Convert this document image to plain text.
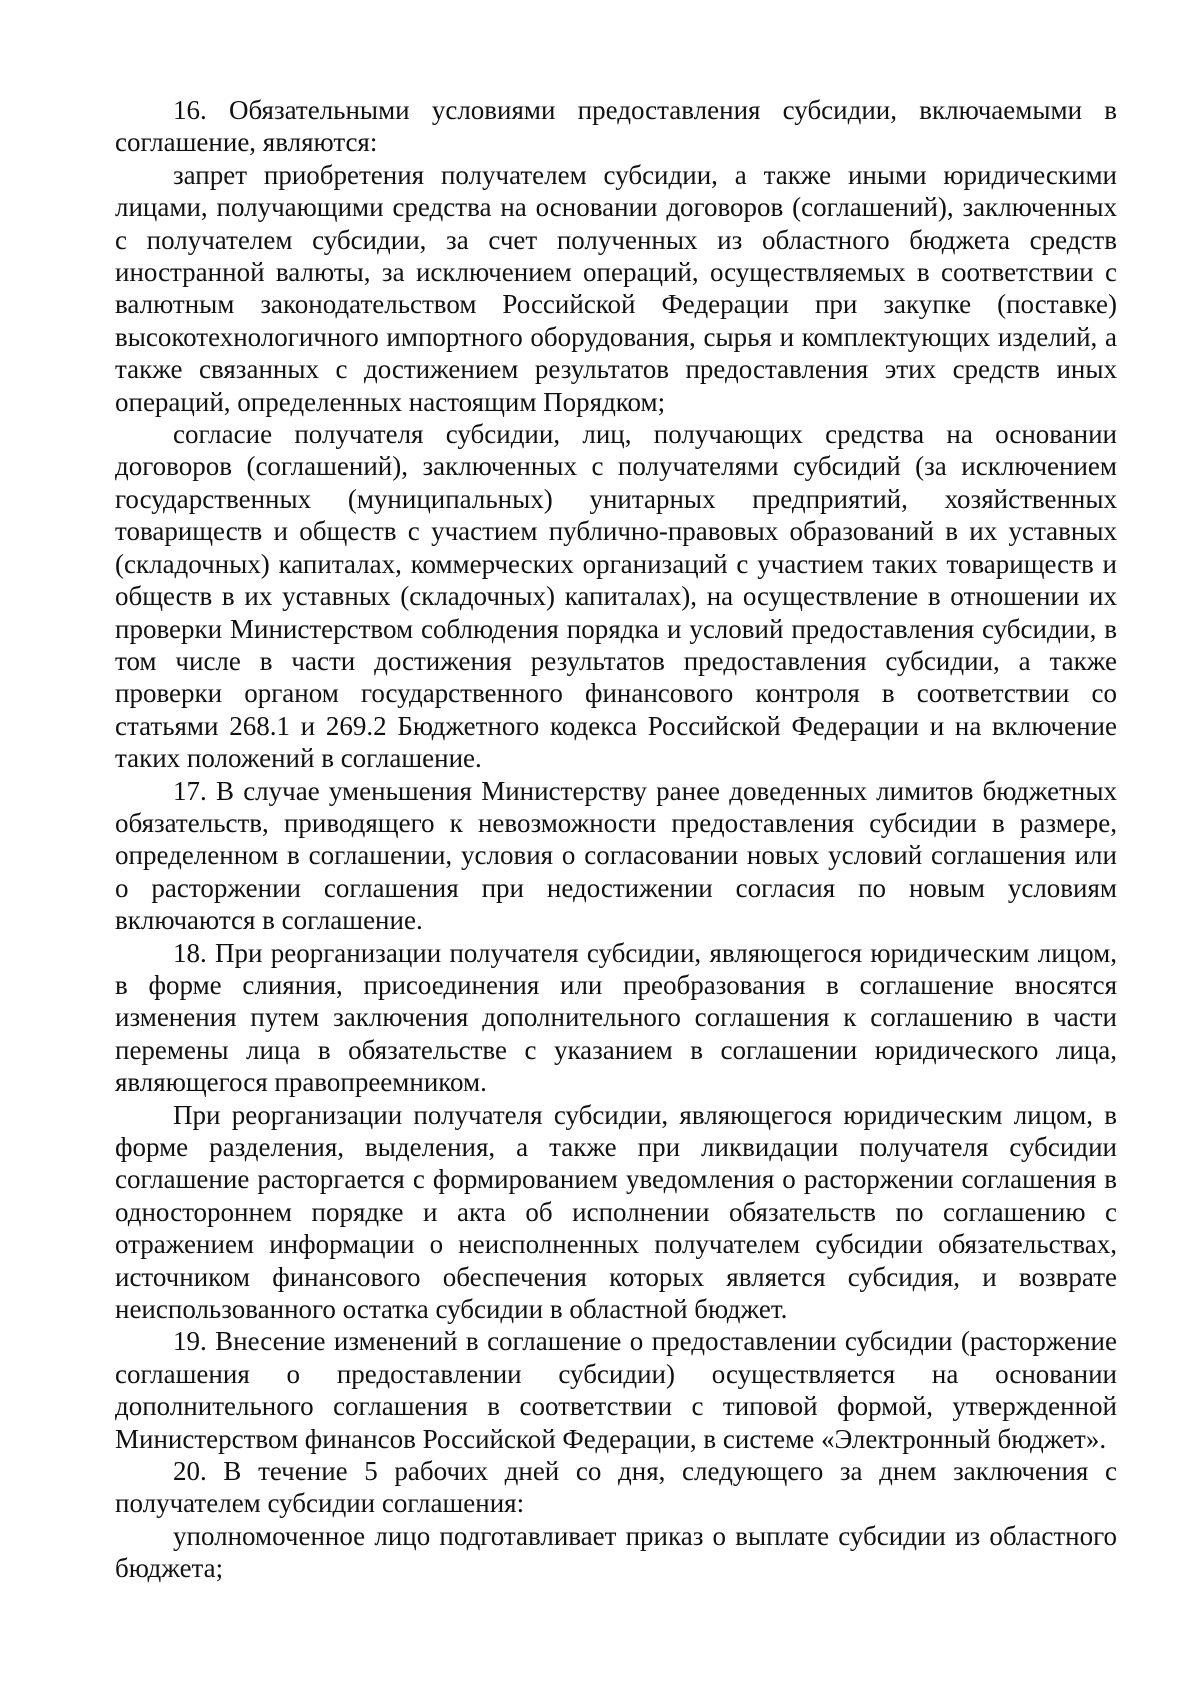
16. Обязательными условиями предоставления субсидии, включаемыми в соглашение, являются:

запрет приобретения получателем субсидии, а также иными юридическими лицами, получающими средства на основании договоров (соглашений), заключенных с получателем субсидии, за счет полученных из областного бюджета средств иностранной валюты, за исключением операций, осуществляемых в соответствии с валютным законодательством Российской Федерации при закупке (поставке) высокотехнологичного импортного оборудования, сырья и комплектующих изделий, а также связанных с достижением результатов предоставления этих средств иных операций, определенных настоящим Порядком;

согласие получателя субсидии, лиц, получающих средства на основании договоров (соглашений), заключенных с получателями субсидий (за исключением государственных (муниципальных) унитарных предприятий, хозяйственных товариществ и обществ с участием публично-правовых образований в их уставных (складочных) капиталах, коммерческих организаций с участием таких товариществ и обществ в их уставных (складочных) капиталах), на осуществление в отношении их проверки Министерством соблюдения порядка и условий предоставления субсидии, в том числе в части достижения результатов предоставления субсидии, а также проверки органом государственного финансового контроля в соответствии со статьями 268.1 и 269.2 Бюджетного кодекса Российской Федерации и на включение таких положений в соглашение.

17. В случае уменьшения Министерству ранее доведенных лимитов бюджетных обязательств, приводящего к невозможности предоставления субсидии в размере, определенном в соглашении, условия о согласовании новых условий соглашения или о расторжении соглашения при недостижении согласия по новым условиям включаются в соглашение.

18. При реорганизации получателя субсидии, являющегося юридическим лицом, в форме слияния, присоединения или преобразования в соглашение вносятся изменения путем заключения дополнительного соглашения к соглашению в части перемены лица в обязательстве с указанием в соглашении юридического лица, являющегося правопреемником.

При реорганизации получателя субсидии, являющегося юридическим лицом, в форме разделения, выделения, а также при ликвидации получателя субсидии соглашение расторгается с формированием уведомления о расторжении соглашения в одностороннем порядке и акта об исполнении обязательств по соглашению с отражением информации о неисполненных получателем субсидии обязательствах, источником финансового обеспечения которых является субсидия, и возврате неиспользованного остатка субсидии в областной бюджет.

19. Внесение изменений в соглашение о предоставлении субсидии (расторжение соглашения о предоставлении субсидии) осуществляется на основании дополнительного соглашения в соответствии с типовой формой, утвержденной Министерством финансов Российской Федерации, в системе «Электронный бюджет».

20. В течение 5 рабочих дней со дня, следующего за днем заключения с получателем субсидии соглашения:

уполномоченное лицо подготавливает приказ о выплате субсидии из областного бюджета;
